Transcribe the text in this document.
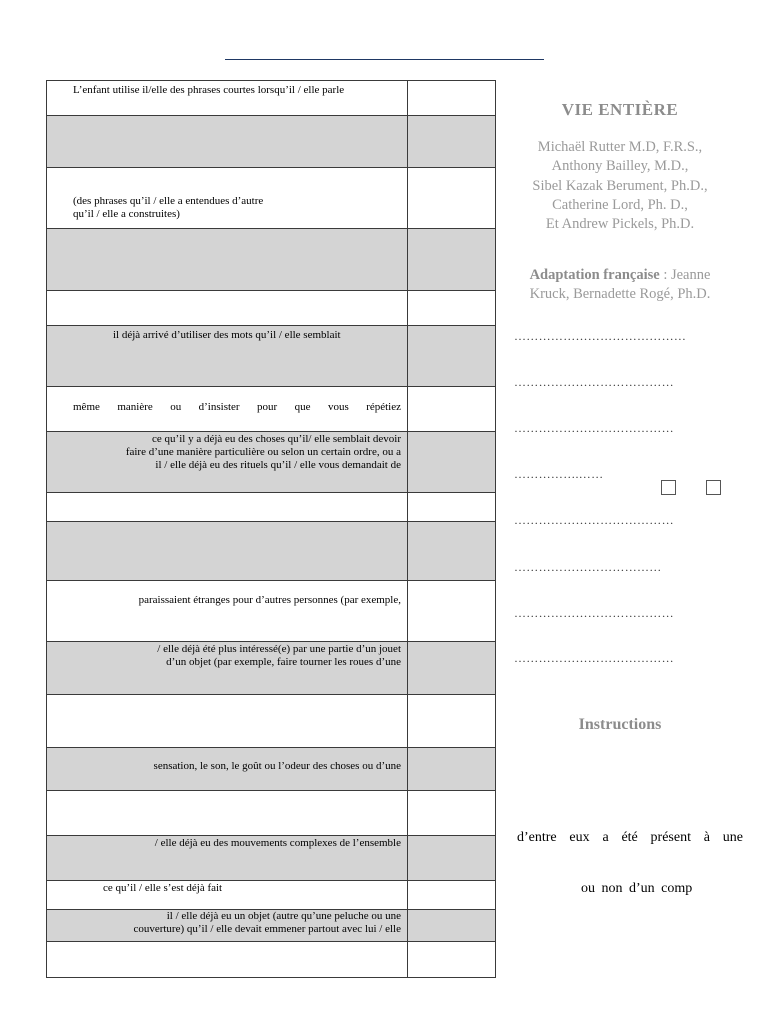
L’enfant utilise il/elle des phrases courtes lorsqu’il / elle parle	

(des phrases qu’il / elle a entendues d’autre
qu’il / elle a construites)	

il déjà arrivé d’utiliser des mots qu’il / elle semblait	

même manière ou d’insister pour que vous répétiez	

ce qu’il y a déjà eu des choses qu’il/ elle semblait devoir
faire d’une manière particulière ou selon un certain ordre, ou a
il / elle déjà eu des rituels qu’il / elle vous demandait de	

paraissaient étranges pour d’autres personnes (par exemple,	

/ elle déjà été plus intéressé(e) par une partie d’un jouet
d’un objet (par exemple, faire tourner les roues d’une	

sensation, le son, le goût ou l’odeur des choses ou d’une	

/ elle déjà eu des mouvements complexes de l’ensemble	

ce qu’il / elle s’est déjà fait	

il / elle déjà eu un objet (autre qu’une peluche ou une
couverture) qu’il / elle devait emmener partout avec lui / elle	

VIE ENTIÈRE
Michaël Rutter M.D, F.R.S.,
Anthony Bailley, M.D.,
Sibel Kazak Berument, Ph.D.,
Catherine Lord, Ph. D.,
Et Andrew Pickels, Ph.D.
Adaptation française : Jeanne
Kruck, Bernadette Rogé, Ph.D.
……………………………………
…………………………………
…………………………………
…………….……
…………………………………
………………………………
…………………………………
…………………………………
Instructions
d’entre eux a été présent à une
ou non d’un comp
